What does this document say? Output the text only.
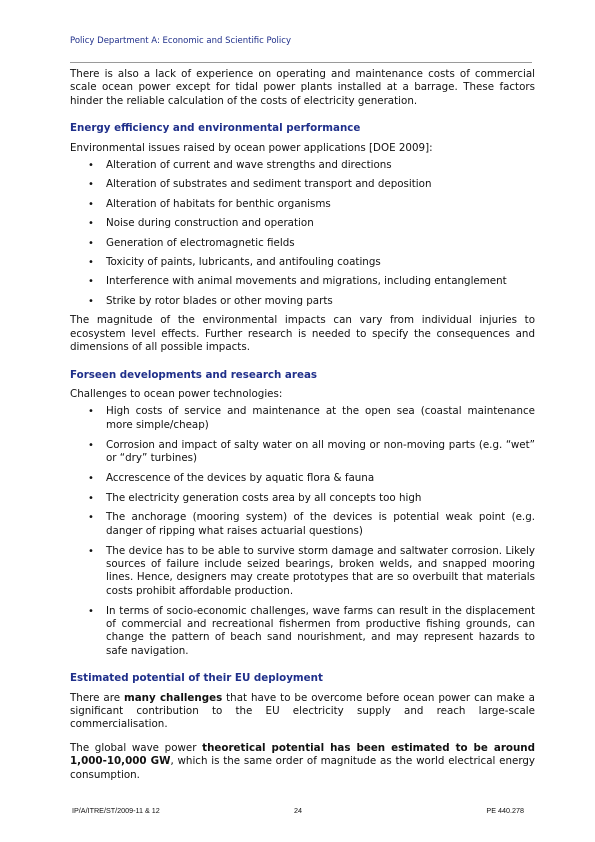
Policy Department A: Economic and Scientific Policy

There is also a lack of experience on operating and maintenance costs of commercial scale ocean power except for tidal power plants installed at a barrage. These factors hinder the reliable calculation of the costs of electricity generation.

Energy efficiency and environmental performance

Environmental issues raised by ocean power applications [DOE 2009]:

• Alteration of current and wave strengths and directions
• Alteration of substrates and sediment transport and deposition
• Alteration of habitats for benthic organisms
• Noise during construction and operation
• Generation of electromagnetic fields
• Toxicity of paints, lubricants, and antifouling coatings
• Interference with animal movements and migrations, including entanglement
• Strike by rotor blades or other moving parts

The magnitude of the environmental impacts can vary from individual injuries to ecosystem level effects. Further research is needed to specify the consequences and dimensions of all possible impacts.

Forseen developments and research areas

Challenges to ocean power technologies:

• High costs of service and maintenance at the open sea (coastal maintenance more simple/cheap)
• Corrosion and impact of salty water on all moving or non-moving parts (e.g. “wet” or “dry” turbines)
• Accrescence of the devices by aquatic flora & fauna
• The electricity generation costs area by all concepts too high
• The anchorage (mooring system) of the devices is potential weak point (e.g. danger of ripping what raises actuarial questions)
• The device has to be able to survive storm damage and saltwater corrosion. Likely sources of failure include seized bearings, broken welds, and snapped mooring lines. Hence, designers may create prototypes that are so overbuilt that materials costs prohibit affordable production.
• In terms of socio-economic challenges, wave farms can result in the displacement of commercial and recreational fishermen from productive fishing grounds, can change the pattern of beach sand nourishment, and may represent hazards to safe navigation.
Estimated potential of their EU deployment

There are many challenges that have to be overcome before ocean power can make a significant contribution to the EU electricity supply and reach large-scale commercialisation.

The global wave power theoretical potential has been estimated to be around 1,000-10,000 GW, which is the same order of magnitude as the world electrical energy consumption.

IP/A/ITRE/ST/2009-11 & 12	24	PE 440.278
